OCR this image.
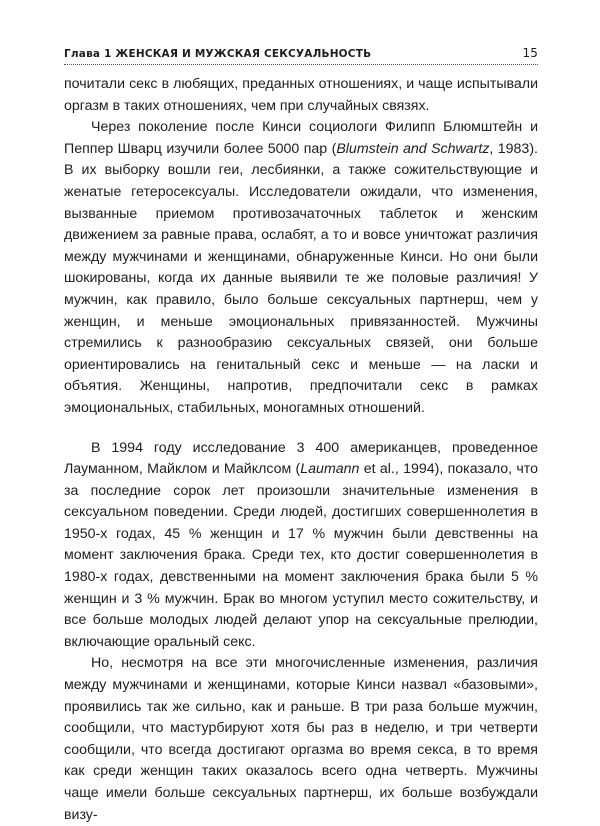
Глава 1 ЖЕНСКАЯ И МУЖСКАЯ СЕКСУАЛЬНОСТЬ	15

почитали секс в любящих, преданных отношениях, и чаще испытывали оргазм в таких отношениях, чем при случайных связях.

Через поколение после Кинси социологи Филипп Блюмштейн и Пеппер Шварц изучили более 5000 пар (Blumstein and Schwartz, 1983). В их выборку вошли геи, лесбиянки, а также сожительствующие и женатые гетеросексуалы. Исследователи ожидали, что изменения, вызванные приемом противозачаточных таблеток и женским движением за равные права, ослабят, а то и вовсе уничтожат различия между мужчинами и женщинами, обнаруженные Кинси. Но они были шокированы, когда их данные выявили те же половые различия! У мужчин, как правило, было больше сексуальных партнерш, чем у женщин, и меньше эмоциональных привязанностей. Мужчины стремились к разнообразию сексуальных связей, они больше ориентировались на генитальный секс и меньше — на ласки и объятия. Женщины, напротив, предпочитали секс в рамках эмоциональных, стабильных, моногамных отношений.

В 1994 году исследование 3 400 американцев, проведенное Лауманном, Майклом и Майклсом (Laumann et al., 1994), показало, что за последние сорок лет произошли значительные изменения в сексуальном поведении. Среди людей, достигших совершеннолетия в 1950-х годах, 45 % женщин и 17 % мужчин были девственны на момент заключения брака. Среди тех, кто достиг совершеннолетия в 1980-х годах, девственными на момент заключения брака были 5 % женщин и 3 % мужчин. Брак во многом уступил место сожительству, и все больше молодых людей делают упор на сексуальные прелюдии, включающие оральный секс.

Но, несмотря на все эти многочисленные изменения, различия между мужчинами и женщинами, которые Кинси назвал «базовыми», проявились так же сильно, как и раньше. В три раза больше мужчин, сообщили, что мастурбируют хотя бы раз в неделю, и три четверти сообщили, что всегда достигают оргазма во время секса, в то время как среди женщин таких оказалось всего одна четверть. Мужчины чаще имели больше сексуальных партнерш, их больше возбуждали визу-
